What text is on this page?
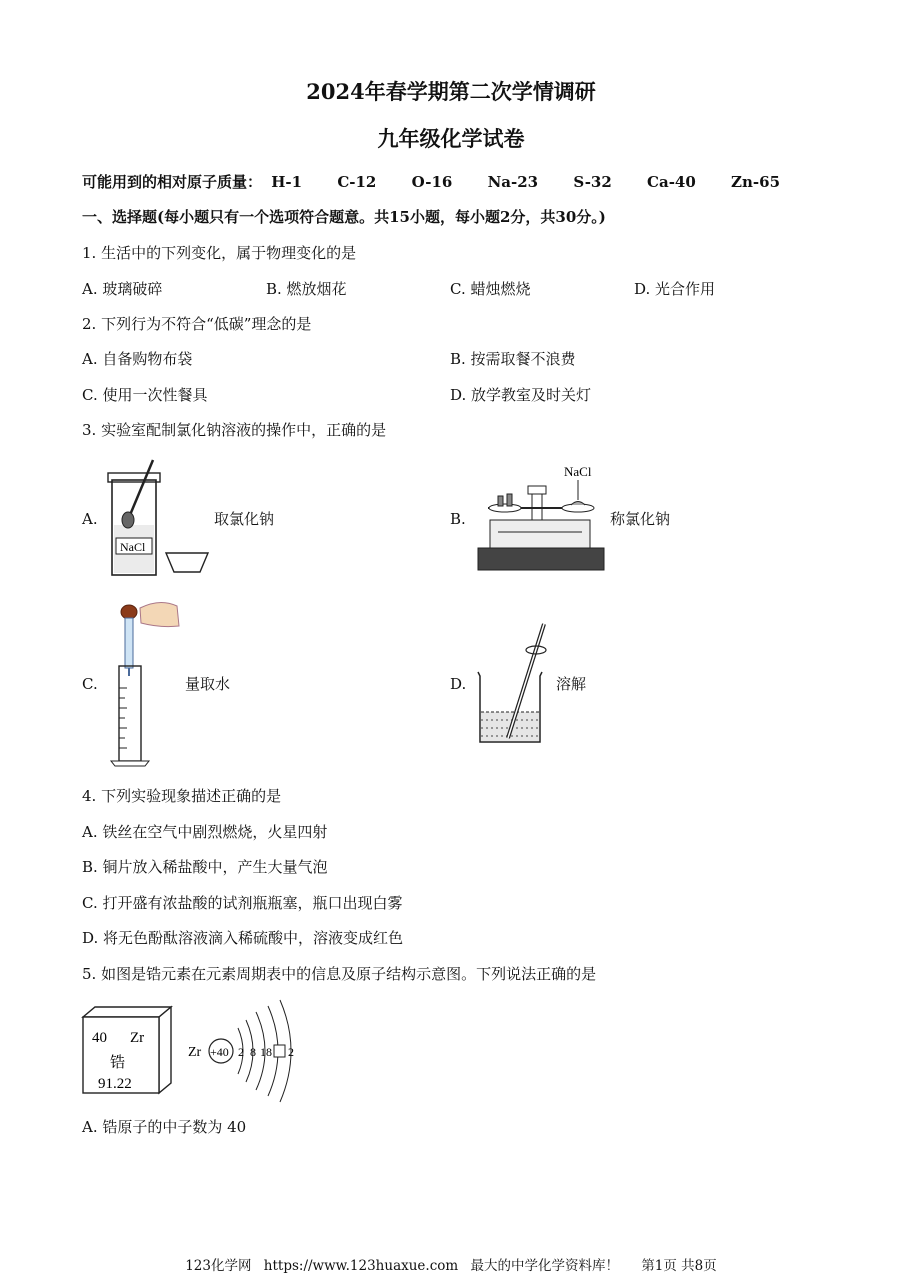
2024年春学期第二次学情调研
九年级化学试卷
可能用到的相对原子质量： H-1 C-12 O-16 Na-23 S-32 Ca-40 Zn-65
一、选择题(每小题只有一个选项符合题意。共15小题，每小题2分，共30分。)
1. 生活中的下列变化，属于物理变化的是
A. 玻璃破碎	B. 燃放烟花	C. 蜡烛燃烧	D. 光合作用
2. 下列行为不符合“低碳”理念的是
A. 自备购物布袋	B. 按需取餐不浪费
C. 使用一次性餐具	D. 放学教室及时关灯
3. 实验室配制氯化钠溶液的操作中，正确的是
A.
NaCl
取氯化钠	B.
NaCl
称氯化钠
C.	量取水	D.	溶解
4. 下列实验现象描述正确的是
A. 铁丝在空气中剧烈燃烧，火星四射
B. 铜片放入稀盐酸中，产生大量气泡
C. 打开盛有浓盐酸的试剂瓶瓶塞，瓶口出现白雾
D. 将无色酚酞溶液滴入稀硫酸中，溶液变成红色
5. 如图是锆元素在元素周期表中的信息及原子结构示意图。下列说法正确的是
40 Zr
锆
91.22
Zr +40 2 8 18 2
A. 锆原子的中子数为 40
123化学网 https://www.123huaxue.com 最大的中学化学资料库！ 第1页 共8页
